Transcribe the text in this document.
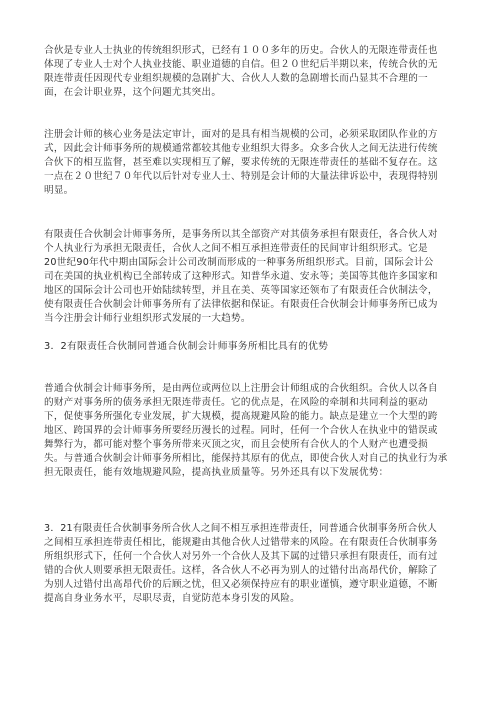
合伙是专业人士执业的传统组织形式，已经有１００多年的历史。合伙人的无限连带责任也
体现了专业人士对个人执业技能、职业道德的自信。但２０世纪后半期以来，传统合伙的无
限连带责任因现代专业组织规模的急剧扩大、合伙人人数的急剧增长而凸显其不合理的一
面，在会计职业界，这个问题尤其突出。
注册会计师的核心业务是法定审计，面对的是具有相当规模的公司，必须采取团队作业的方
式，因此会计师事务所的规模通常都较其他专业组织大得多。众多合伙人之间无法进行传统
合伙下的相互监督，甚至难以实现相互了解，要求传统的无限连带责任的基础不复存在。这
一点在２０世纪７０年代以后针对专业人士、特别是会计师的大量法律诉讼中，表现得特别
明显。
有限责任合伙制会计师事务所，是事务所以其全部资产对其债务承担有限责任，各合伙人对
个人执业行为承担无限责任，合伙人之间不相互承担连带责任的民间审计组织形式。它是
20世纪90年代中期由国际会计公司改制而形成的一种事务所组织形式。目前，国际会计公
司在美国的执业机构已全部转成了这种形式。知普华永道、安永等；美国等其他许多国家和
地区的国际会计公司也开始陆续转型，并且在美、英等国家还领布了有限责任合伙制法令，
使有限责任合伙制会计师事务所有了法律依据和保证。有限责任合伙制会计师事务所已成为
当今注册会计师行业组织形式发展的一大趋势。
3．2有限责任合伙制同普通合伙制会计师事务所相比具有的优势
普通合伙制会计师事务所，是由两位或两位以上注册会计师组成的合伙组织。合伙人以各自
的财产对事务所的债务承担无限连带责任。它的优点是，在风险的牵制和共同利益的驱动
下，促使事务所强化专业发展，扩大规模，提高规避风险的能力。缺点是建立一个大型的跨
地区、跨国界的会计师事务所要经历漫长的过程。同时，任何一个合伙人在执业中的错误或
舞弊行为，都可能对整个事务所带来灭顶之灾，而且会使所有合伙人的个人财产也遭受损
失。与普通合伙制会计师事务所相比，能保持其原有的优点，即使合伙人对自己的执业行为承
担无限责任，能有效地规避风险，提高执业质量等。另外还具有以下发展优势：
3．21有限责任合伙制事务所合伙人之间不相互承担连带责任，同普通合伙制事务所合伙人
之间相互承担连带责任相比，能规避由其他合伙人过错带来的风险。在有限责任合伙制事务
所组织形式下，任何一个合伙人对另外一个合伙人及其下属的过错只承担有限责任，而有过
错的合伙人则要承担无限责任。这样，各合伙人不必再为别人的过错付出高昂代价，解除了
为别人过错付出高昂代价的后顾之忧，但又必须保持应有的职业谨慎，遵守职业道德，不断
提高自身业务水平，尽职尽责，自觉防范本身引发的风险。
